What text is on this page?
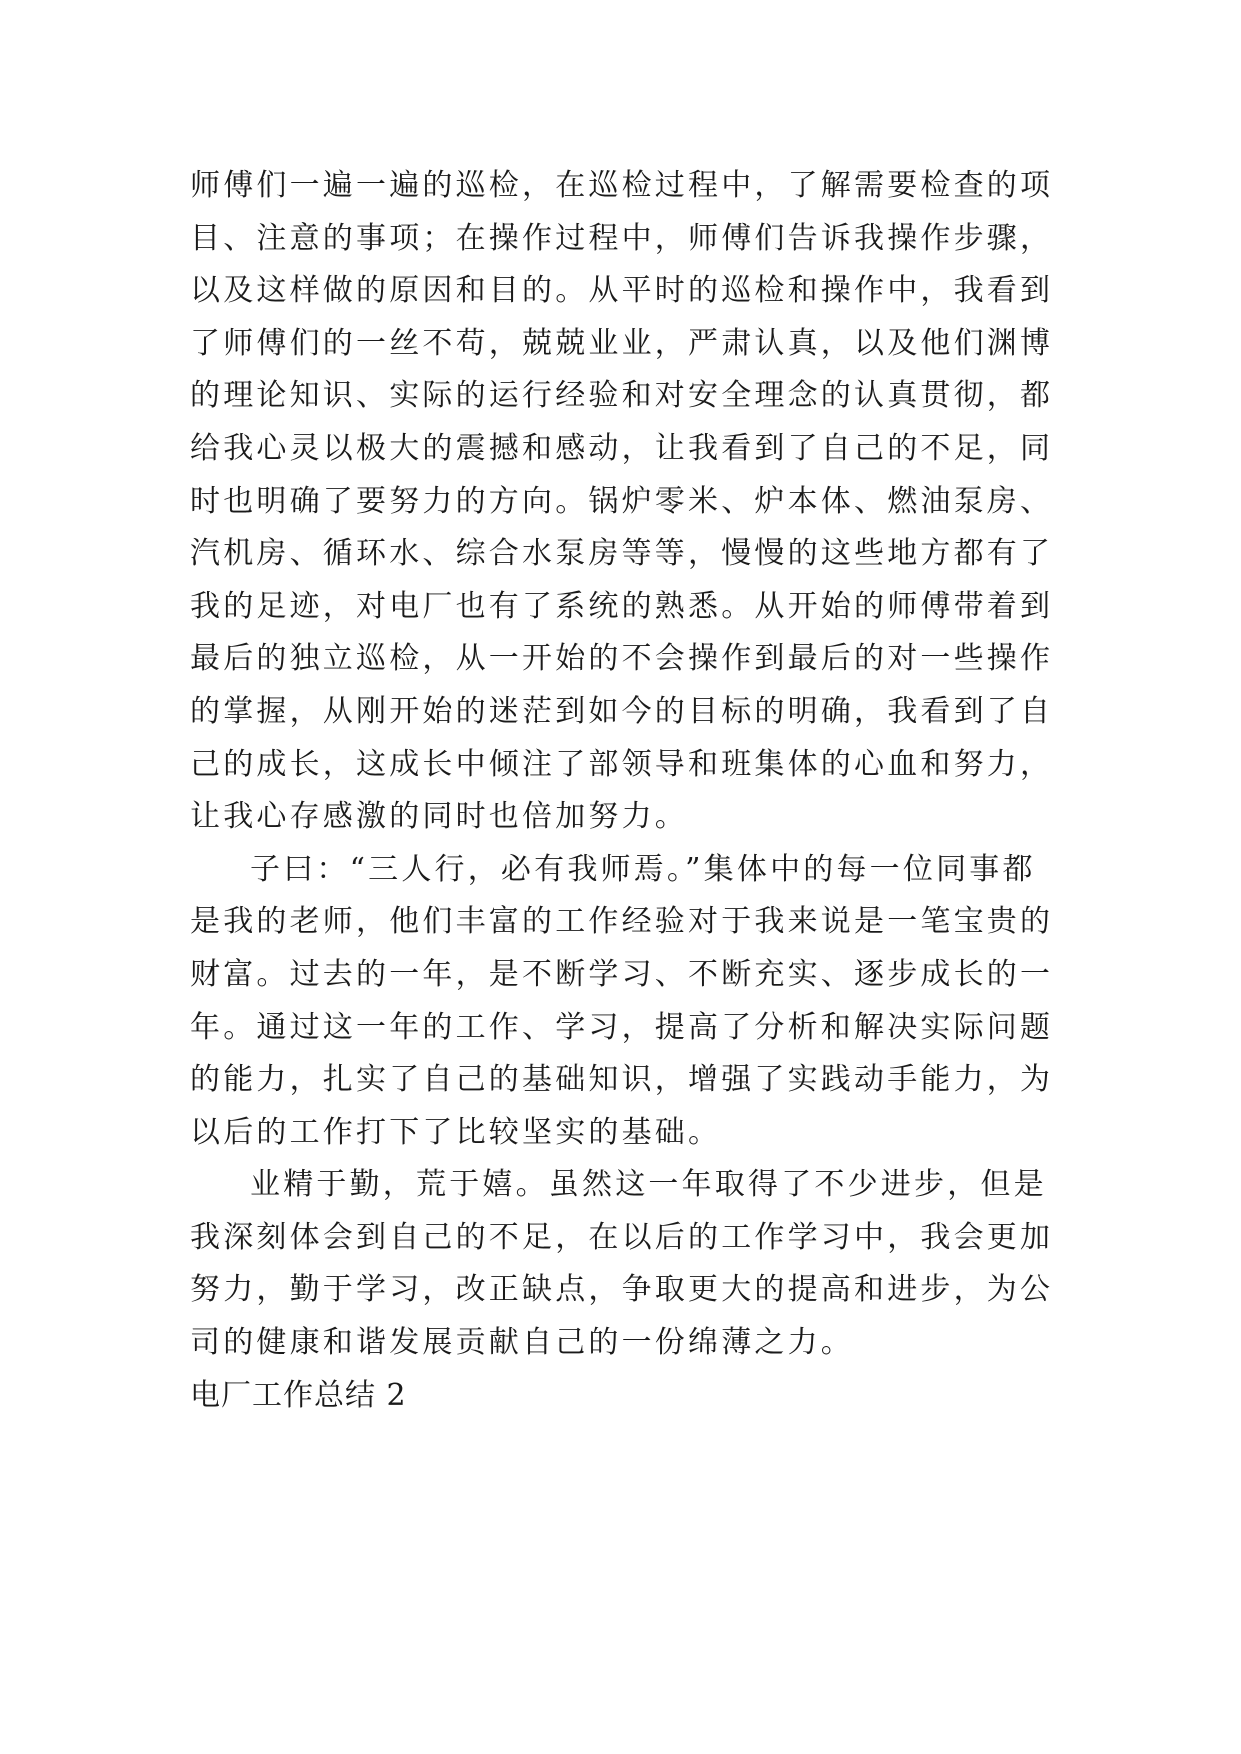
师傅们一遍一遍的巡检，在巡检过程中，了解需要检查的项
目、注意的事项；在操作过程中，师傅们告诉我操作步骤，
以及这样做的原因和目的。从平时的巡检和操作中，我看到
了师傅们的一丝不苟，兢兢业业，严肃认真，以及他们渊博
的理论知识、实际的运行经验和对安全理念的认真贯彻，都
给我心灵以极大的震撼和感动，让我看到了自己的不足，同
时也明确了要努力的方向。锅炉零米、炉本体、燃油泵房、
汽机房、循环水、综合水泵房等等，慢慢的这些地方都有了
我的足迹，对电厂也有了系统的熟悉。从开始的师傅带着到
最后的独立巡检，从一开始的不会操作到最后的对一些操作
的掌握，从刚开始的迷茫到如今的目标的明确，我看到了自
己的成长，这成长中倾注了部领导和班集体的心血和努力，
让我心存感激的同时也倍加努力。
子曰：“三人行，必有我师焉。”集体中的每一位同事都
是我的老师，他们丰富的工作经验对于我来说是一笔宝贵的
财富。过去的一年，是不断学习、不断充实、逐步成长的一
年。通过这一年的工作、学习，提高了分析和解决实际问题
的能力，扎实了自己的基础知识，增强了实践动手能力，为
以后的工作打下了比较坚实的基础。
业精于勤，荒于嬉。虽然这一年取得了不少进步，但是
我深刻体会到自己的不足，在以后的工作学习中，我会更加
努力，勤于学习，改正缺点，争取更大的提高和进步，为公
司的健康和谐发展贡献自己的一份绵薄之力。
电厂工作总结 2
